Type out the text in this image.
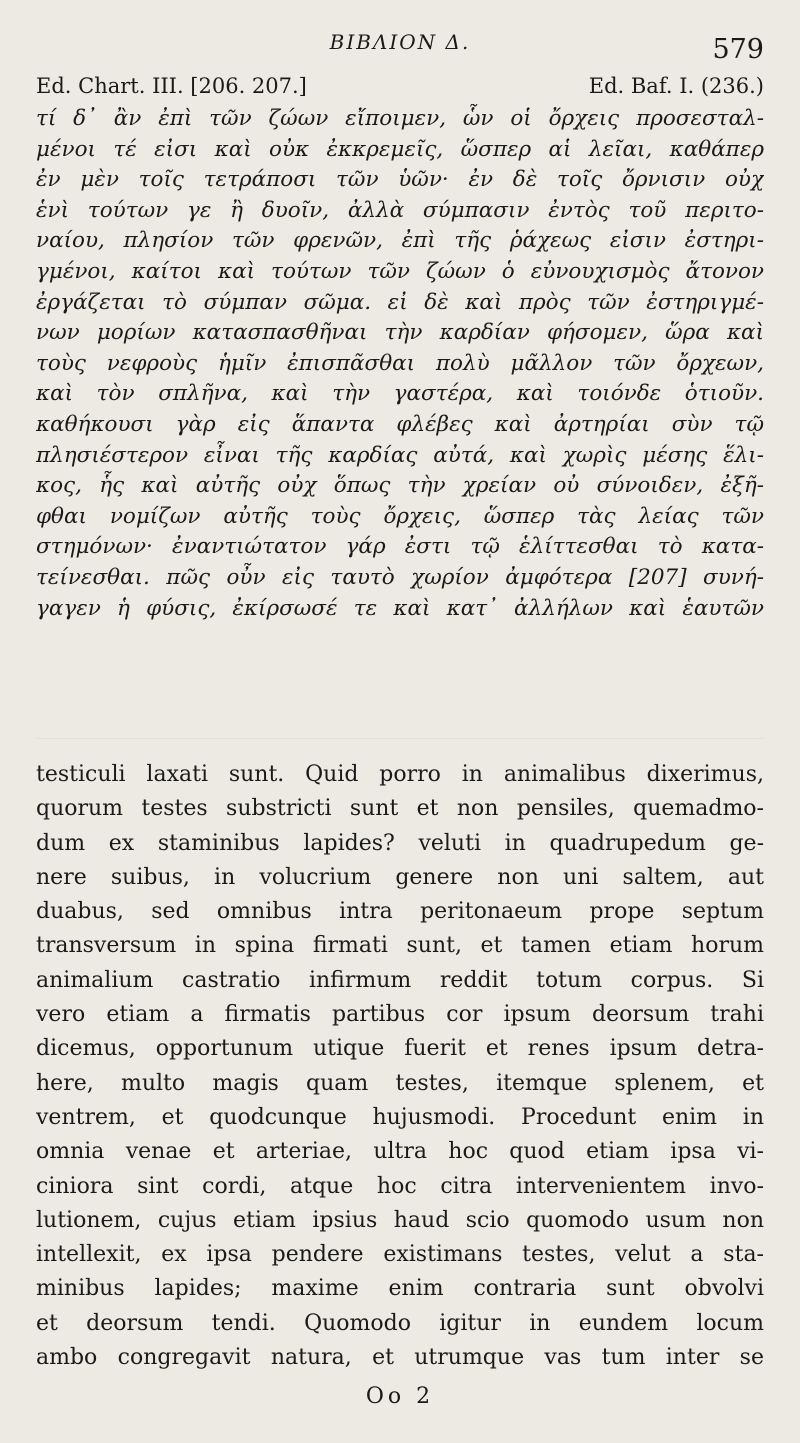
BIBΛΙΟΝ Δ.	579
Ed. Chart. III. [206. 207.]	Ed. Baf. I. (236.)
τί δ᾽ ἂν ἐπὶ τῶν ζώων εἴποιμεν, ὧν οἱ ὄρχεις προσεσταλ-
μένοι τέ εἰσι καὶ οὐκ ἐκκρεμεῖς, ὥσπερ αἱ λεῖαι, καθάπερ
ἐν μὲν τοῖς τετράποσι τῶν ὑῶν· ἐν δὲ τοῖς ὄρνισιν οὐχ
ἑνὶ τούτων γε ἢ δυοῖν, ἀλλὰ σύμπασιν ἐντὸς τοῦ περιτο-
ναίου, πλησίον τῶν φρενῶν, ἐπὶ τῆς ῥάχεως εἰσιν ἐστηρι-
γμένοι, καίτοι καὶ τούτων τῶν ζώων ὁ εὐνουχισμὸς ἄτονον
ἐργάζεται τὸ σύμπαν σῶμα. εἰ δὲ καὶ πρὸς τῶν ἐστηριγμέ-
νων μορίων κατασπασθῆναι τὴν καρδίαν φήσομεν, ὥρα καὶ
τοὺς νεφροὺς ἡμῖν ἐπισπᾶσθαι πολὺ μᾶλλον τῶν ὄρχεων,
καὶ τὸν σπλῆνα, καὶ τὴν γαστέρα, καὶ τοιόνδε ὁτιοῦν.
καθήκουσι γὰρ εἰς ἅπαντα φλέβες καὶ ἀρτηρίαι σὺν τῷ
πλησιέστερον εἶναι τῆς καρδίας αὐτά, καὶ χωρὶς μέσης ἕλι-
κος, ἧς καὶ αὐτῆς οὐχ ὅπως τὴν χρείαν οὐ σύνοιδεν, ἐξῆ-
φθαι νομίζων αὐτῆς τοὺς ὄρχεις, ὥσπερ τὰς λείας τῶν
στημόνων· ἐναντιώτατον γάρ ἐστι τῷ ἑλίττεσθαι τὸ κατα-
τείνεσθαι. πῶς οὖν εἰς ταυτὸ χωρίον ἀμφότερα [207] συνή-
γαγεν ἡ φύσις, ἐκίρσωσέ τε καὶ κατ᾽ ἀλλήλων καὶ ἑαυτῶν
testiculi laxati sunt. Quid porro in animalibus dixerimus,
quorum testes substricti sunt et non pensiles, quemadmo-
dum ex staminibus lapides? veluti in quadrupedum ge-
nere suibus, in volucrium genere non uni saltem, aut
duabus, sed omnibus intra peritonaeum prope septum
transversum in spina firmati sunt, et tamen etiam horum
animalium castratio infirmum reddit totum corpus. Si
vero etiam a firmatis partibus cor ipsum deorsum trahi
dicemus, opportunum utique fuerit et renes ipsum detra-
here, multo magis quam testes, itemque splenem, et
ventrem, et quodcunque hujusmodi. Procedunt enim in
omnia venae et arteriae, ultra hoc quod etiam ipsa vi-
ciniora sint cordi, atque hoc citra intervenientem invo-
lutionem, cujus etiam ipsius haud scio quomodo usum non
intellexit, ex ipsa pendere existimans testes, velut a sta-
minibus lapides; maxime enim contraria sunt obvolvi
et deorsum tendi. Quomodo igitur in eundem locum
ambo congregavit natura, et utrumque vas tum inter se
Oo 2
